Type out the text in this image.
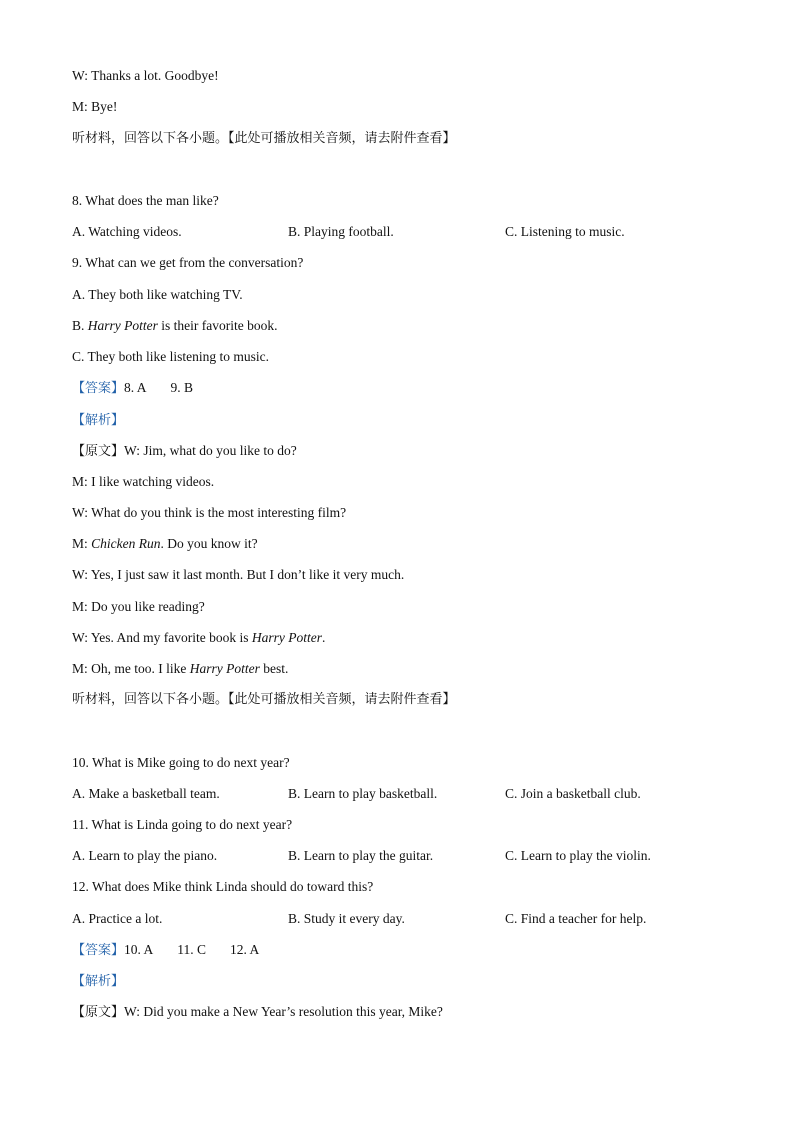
W: Thanks a lot. Goodbye!
M: Bye!
听材料，回答以下各小题。【此处可播放相关音频，请去附件查看】
8. What does the man like?
A. Watching videos.	B. Playing football.	C. Listening to music.
9. What can we get from the conversation?
A. They both like watching TV.
B. Harry Potter is their favorite book.
C. They both like listening to music.
【答案】8. A 9. B
【解析】
【原文】W: Jim, what do you like to do?
M: I like watching videos.
W: What do you think is the most interesting film?
M: Chicken Run. Do you know it?
W: Yes, I just saw it last month. But I don’t like it very much.
M: Do you like reading?
W: Yes. And my favorite book is Harry Potter.
M: Oh, me too. I like Harry Potter best.
听材料，回答以下各小题。【此处可播放相关音频，请去附件查看】
10. What is Mike going to do next year?
A. Make a basketball team.	B. Learn to play basketball.	C. Join a basketball club.
11. What is Linda going to do next year?
A. Learn to play the piano.	B. Learn to play the guitar.	C. Learn to play the violin.
12. What does Mike think Linda should do toward this?
A. Practice a lot.	B. Study it every day.	C. Find a teacher for help.
【答案】10. A 11. C 12. A
【解析】
【原文】W: Did you make a New Year’s resolution this year, Mike?
